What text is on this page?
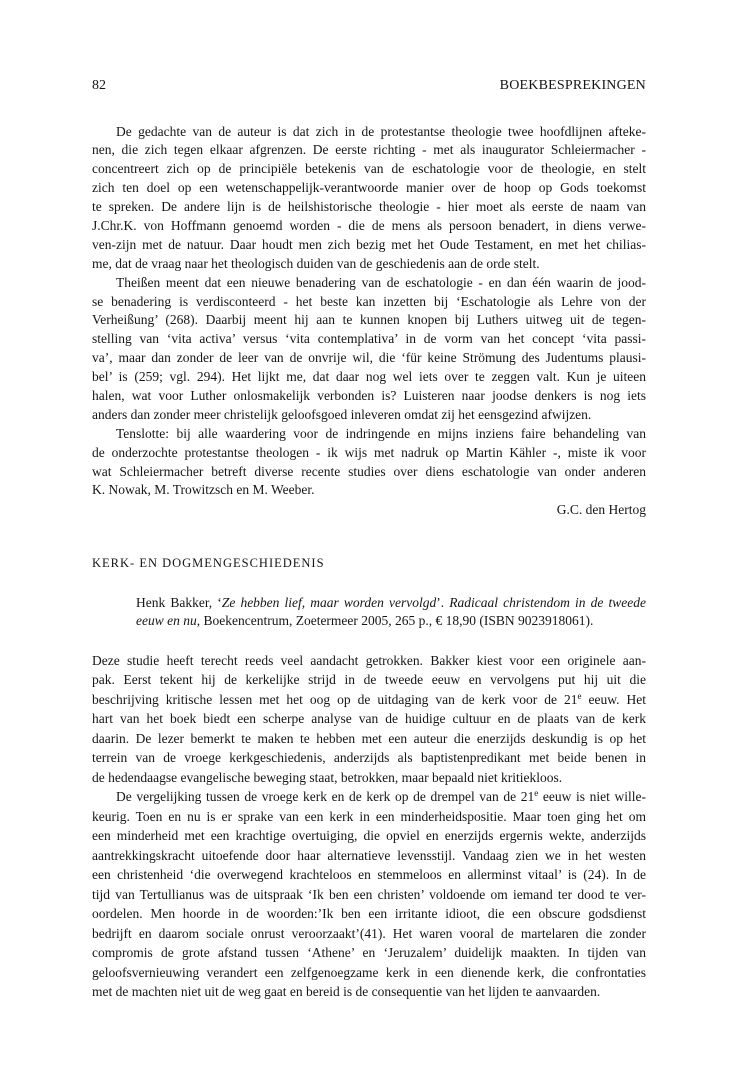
82	BOEKBESPREKINGEN
De gedachte van de auteur is dat zich in de protestantse theologie twee hoofdlijnen afteke-
nen, die zich tegen elkaar afgrenzen. De eerste richting - met als inaugurator Schleiermacher -
concentreert zich op de principiële betekenis van de eschatologie voor de theologie, en stelt
zich ten doel op een wetenschappelijk-verantwoorde manier over de hoop op Gods toekomst
te spreken. De andere lijn is de heilshistorische theologie - hier moet als eerste de naam van
J.Chr.K. von Hoffmann genoemd worden - die de mens als persoon benadert, in diens verwe-
ven-zijn met de natuur. Daar houdt men zich bezig met het Oude Testament, en met het chilias-
me, dat de vraag naar het theologisch duiden van de geschiedenis aan de orde stelt.
Theißen meent dat een nieuwe benadering van de eschatologie - en dan één waarin de jood-
se benadering is verdisconteerd - het beste kan inzetten bij ‘Eschatologie als Lehre von der
Verheißung’ (268). Daarbij meent hij aan te kunnen knopen bij Luthers uitweg uit de tegen-
stelling van ‘vita activa’ versus ‘vita contemplativa’ in de vorm van het concept ‘vita passi-
va’, maar dan zonder de leer van de onvrije wil, die ‘für keine Strömung des Judentums plausi-
bel’ is (259; vgl. 294). Het lijkt me, dat daar nog wel iets over te zeggen valt. Kun je uiteen
halen, wat voor Luther onlosmakelijk verbonden is? Luisteren naar joodse denkers is nog iets
anders dan zonder meer christelijk geloofsgoed inleveren omdat zij het eensgezind afwijzen.
Tenslotte: bij alle waardering voor de indringende en mijns inziens faire behandeling van
de onderzochte protestantse theologen - ik wijs met nadruk op Martin Kähler -, miste ik voor
wat Schleiermacher betreft diverse recente studies over diens eschatologie van onder anderen
K. Nowak, M. Trowitzsch en M. Weeber.
G.C. den Hertog
KERK- EN DOGMENGESCHIEDENIS
Henk Bakker, ‘Ze hebben lief, maar worden vervolgd’. Radicaal christendom in de tweede
eeuw en nu, Boekencentrum, Zoetermeer 2005, 265 p., € 18,90 (ISBN 9023918061).
Deze studie heeft terecht reeds veel aandacht getrokken. Bakker kiest voor een originele aan-
pak. Eerst tekent hij de kerkelijke strijd in de tweede eeuw en vervolgens put hij uit die
beschrijving kritische lessen met het oog op de uitdaging van de kerk voor de 21e eeuw. Het
hart van het boek biedt een scherpe analyse van de huidige cultuur en de plaats van de kerk
daarin. De lezer bemerkt te maken te hebben met een auteur die enerzijds deskundig is op het
terrein van de vroege kerkgeschiedenis, anderzijds als baptistenpredikant met beide benen in
de hedendaagse evangelische beweging staat, betrokken, maar bepaald niet kritiekloos.
De vergelijking tussen de vroege kerk en de kerk op de drempel van de 21e eeuw is niet wille-
keurig. Toen en nu is er sprake van een kerk in een minderheidspositie. Maar toen ging het om
een minderheid met een krachtige overtuiging, die opviel en enerzijds ergernis wekte, anderzijds
aantrekkingskracht uitoefende door haar alternatieve levensstijl. Vandaag zien we in het westen
een christenheid ‘die overwegend krachteloos en stemmeloos en allerminst vitaal’ is (24). In de
tijd van Tertullianus was de uitspraak ‘Ik ben een christen’ voldoende om iemand ter dood te ver-
oordelen. Men hoorde in de woorden:’Ik ben een irritante idioot, die een obscure godsdienst
bedrijft en daarom sociale onrust veroorzaakt’(41). Het waren vooral de martelaren die zonder
compromis de grote afstand tussen ‘Athene’ en ‘Jeruzalem’ duidelijk maakten. In tijden van
geloofsvernieuwing verandert een zelfgenoegzame kerk in een dienende kerk, die confrontaties
met de machten niet uit de weg gaat en bereid is de consequentie van het lijden te aanvaarden.
